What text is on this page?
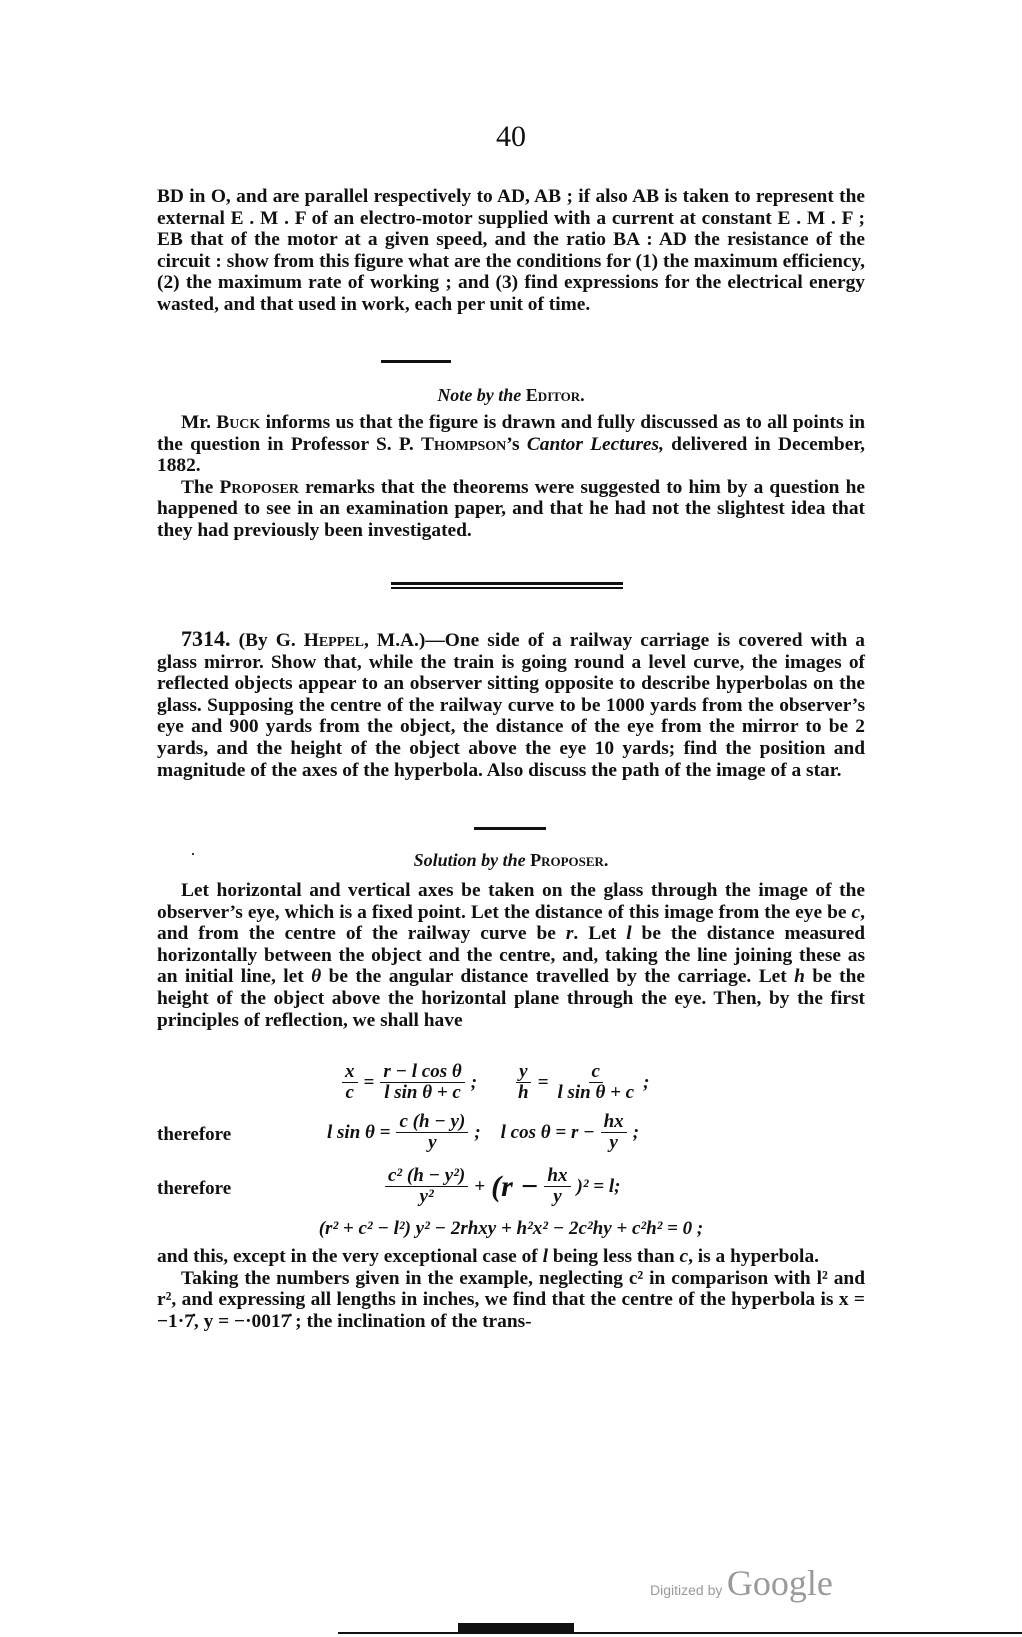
40

BD in O, and are parallel respectively to AD, AB ; if also AB is taken to represent the external E . M . F of an electro-motor supplied with a current at constant E . M . F ; EB that of the motor at a given speed, and the ratio BA : AD the resistance of the circuit : show from this figure what are the conditions for (1) the maximum efficiency, (2) the maximum rate of working ; and (3) find expressions for the electrical energy wasted, and that used in work, each per unit of time.

Note by the Editor.

Mr. Buck informs us that the figure is drawn and fully discussed as to all points in the question in Professor S. P. Thompson’s Cantor Lectures, delivered in December, 1882.

The Proposer remarks that the theorems were suggested to him by a question he happened to see in an examination paper, and that he had not the slightest idea that they had previously been investigated.

7314. (By G. Heppel, M.A.)—One side of a railway carriage is covered with a glass mirror. Show that, while the train is going round a level curve, the images of reflected objects appear to an observer sitting opposite to describe hyperbolas on the glass. Supposing the centre of the railway curve to be 1000 yards from the observer’s eye and 900 yards from the object, the distance of the eye from the mirror to be 2 yards, and the height of the object above the eye 10 yards; find the position and magnitude of the axes of the hyperbola. Also discuss the path of the image of a star.

Solution by the Proposer.

Let horizontal and vertical axes be taken on the glass through the image of the observer’s eye, which is a fixed point. Let the distance of this image from the eye be c, and from the centre of the railway curve be r. Let l be the distance measured horizontally between the object and the centre, and, taking the line joining these as an initial line, let θ be the angular distance travelled by the carriage. Let h be the height of the object above the horizontal plane through the eye. Then, by the first principles of reflection, we shall have

$\frac{x}{c} = \frac{\text{r − l cos θ}}{\text{l sin θ + c}}$ ; $\frac{y}{h} = \frac{c}{\text{l sin θ + c}}$ ;
therefore	l $\sin \theta = \frac{c (h - y)}{y}$ ; l $\cos \theta = r - \frac{hx}{y}$ ;
therefore	$\frac{\text{c² (h − y²)}}{\text{y²}} + (r - \frac{hx}{y} )^2 = l$;
(r² + c² − l²) y² − 2rhxy + h²x² − 2c²hy + c²h² = 0 ;

and this, except in the very exceptional case of l being less than c, is a hyperbola.

Taking the numbers given in the example, neglecting c² in comparison with l² and r², and expressing all lengths in inches, we find that the centre of the hyperbola is x = −1·7̇, y = −·0017̇ ; the inclination of the trans-

Digitized by Google
